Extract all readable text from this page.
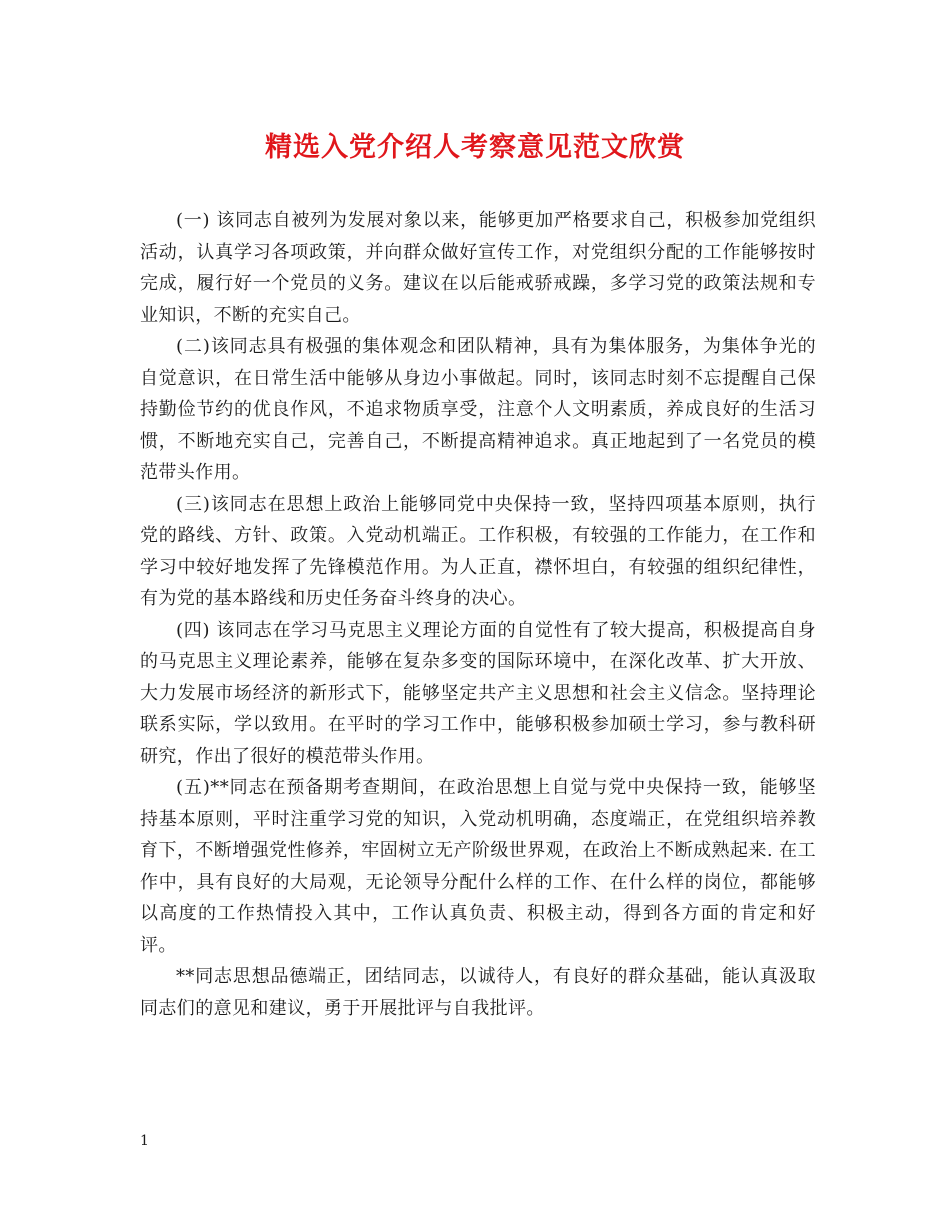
精选入党介绍人考察意见范文欣赏

(一) 该同志自被列为发展对象以来，能够更加严格要求自己，积极参加党组织活动，认真学习各项政策，并向群众做好宣传工作，对党组织分配的工作能够按时完成，履行好一个党员的义务。建议在以后能戒骄戒躁，多学习党的政策法规和专业知识，不断的充实自己。

(二)该同志具有极强的集体观念和团队精神，具有为集体服务，为集体争光的自觉意识，在日常生活中能够从身边小事做起。同时，该同志时刻不忘提醒自己保持勤俭节约的优良作风，不追求物质享受，注意个人文明素质，养成良好的生活习惯，不断地充实自己，完善自己，不断提高精神追求。真正地起到了一名党员的模范带头作用。

(三)该同志在思想上政治上能够同党中央保持一致，坚持四项基本原则，执行党的路线、方针、政策。入党动机端正。工作积极，有较强的工作能力，在工作和学习中较好地发挥了先锋模范作用。为人正直，襟怀坦白，有较强的组织纪律性，有为党的基本路线和历史任务奋斗终身的决心。

(四) 该同志在学习马克思主义理论方面的自觉性有了较大提高，积极提高自身的马克思主义理论素养，能够在复杂多变的国际环境中，在深化改革、扩大开放、大力发展市场经济的新形式下，能够坚定共产主义思想和社会主义信念。坚持理论联系实际，学以致用。在平时的学习工作中，能够积极参加硕士学习，参与教科研研究，作出了很好的模范带头作用。

(五)**同志在预备期考查期间，在政治思想上自觉与党中央保持一致，能够坚持基本原则，平时注重学习党的知识，入党动机明确，态度端正，在党组织培养教育下，不断增强党性修养，牢固树立无产阶级世界观，在政治上不断成熟起来. 在工作中，具有良好的大局观，无论领导分配什么样的工作、在什么样的岗位，都能够以高度的工作热情投入其中，工作认真负责、积极主动，得到各方面的肯定和好评。

**同志思想品德端正，团结同志，以诚待人，有良好的群众基础，能认真汲取同志们的意见和建议，勇于开展批评与自我批评。

1
